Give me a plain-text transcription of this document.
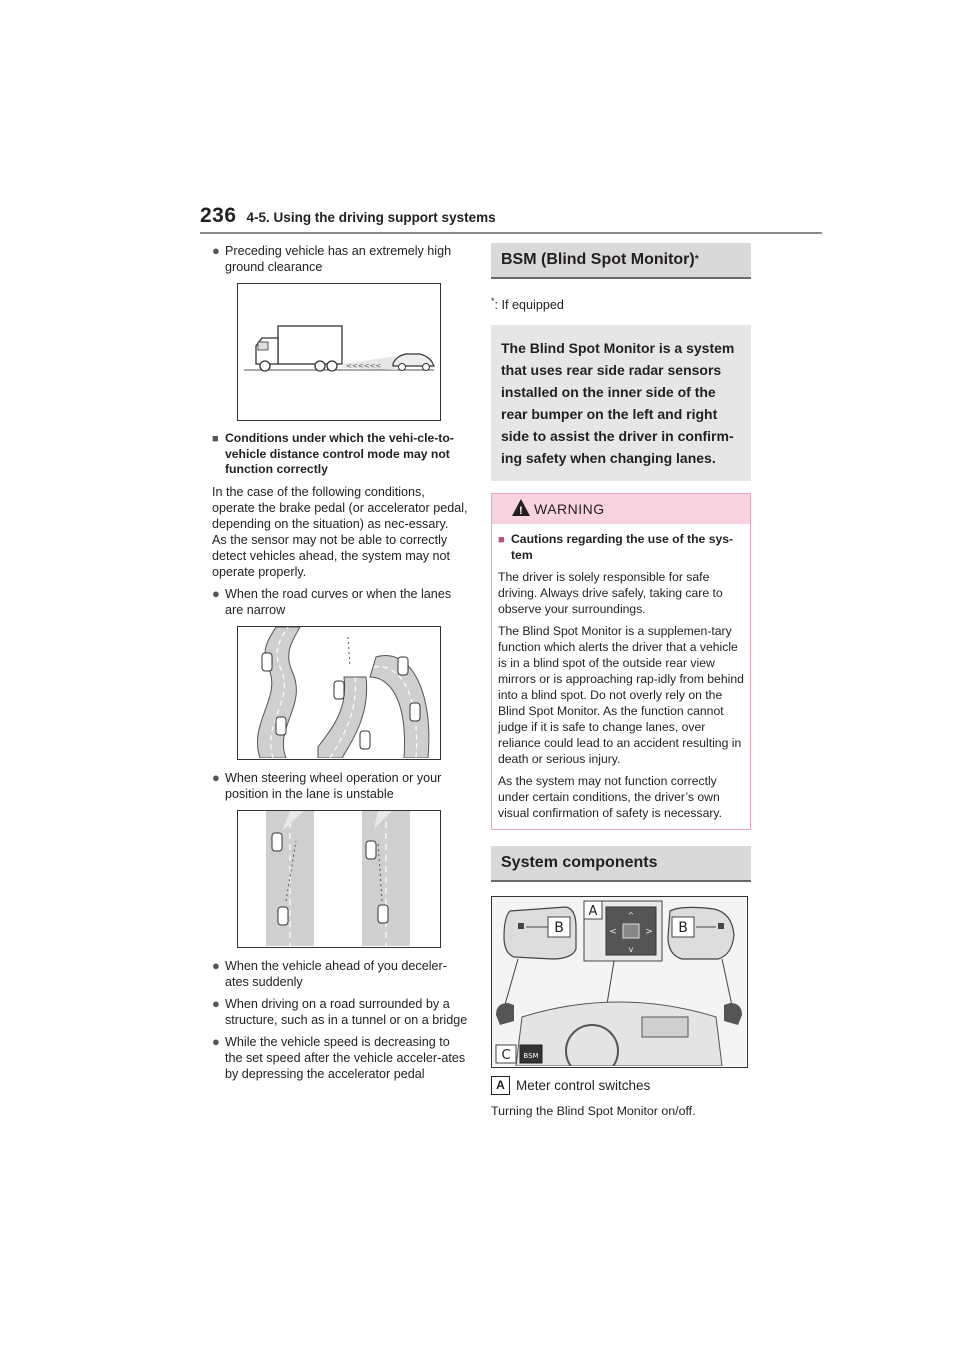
236 4-5. Using the driving support systems
● Preceding vehicle has an extremely high ground clearance
<<<<<<
■ Conditions under which the vehi-cle-to-vehicle distance control mode may not function correctly

In the case of the following conditions, operate the brake pedal (or accelerator pedal, depending on the situation) as nec-essary.
As the sensor may not be able to correctly detect vehicles ahead, the system may not operate properly.

● When the road curves or when the lanes are narrow
● When steering wheel operation or your position in the lane is unstable
● When the vehicle ahead of you deceler-ates suddenly
● When driving on a road surrounded by a structure, such as in a tunnel or on a bridge
● While the vehicle speed is decreasing to the set speed after the vehicle acceler-ates by depressing the accelerator pedal
BSM (Blind Spot Monitor) *
*: If equipped
The Blind Spot Monitor is a system that uses rear side radar sensors installed on the inner side of the rear bumper on the left and right side to assist the driver in confirm-ing safety when changing lanes.
! WARNING
■ Cautions regarding the use of the sys-tem

The driver is solely responsible for safe driving. Always drive safely, taking care to observe your surroundings.

The Blind Spot Monitor is a supplemen-tary function which alerts the driver that a vehicle is in a blind spot of the outside rear view mirrors or is approaching rap-idly from behind into a blind spot. Do not overly rely on the Blind Spot Monitor. As the function cannot judge if it is safe to change lanes, over reliance could lead to an accident resulting in death or serious injury.

As the system may not function correctly under certain conditions, the driver’s own visual confirmation of safety is necessary.

System components
B
A	^
v
<	> B
C BSM
A Meter control switches
Turning the Blind Spot Monitor on/off.
